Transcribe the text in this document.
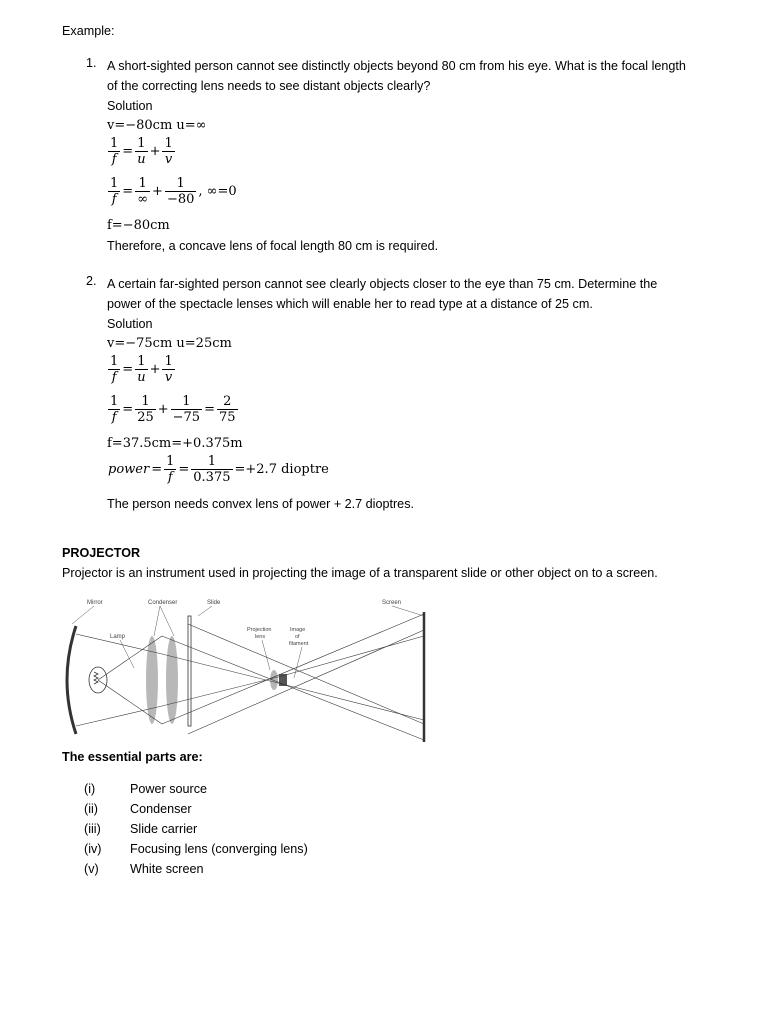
Example:
1. A short-sighted person cannot see distinctly objects beyond 80 cm from his eye. What is the focal length
of the correcting lens needs to see distant objects clearly?
Solution
v=−80cm u=∞
$\frac{1}{f} = \frac{1}{u} + \frac{1}{v}$
$\frac{1}{f} = \frac{1}{\infty} + \frac{1}{-80}$ , ∞=0
f=−80cm
Therefore, a concave lens of focal length 80 cm is required.
2. A certain far-sighted person cannot see clearly objects closer to the eye than 75 cm. Determine the
power of the spectacle lenses which will enable her to read type at a distance of 25 cm.
Solution
v=−75cm u=25cm
$\frac{1}{f} = \frac{1}{u} + \frac{1}{v}$
$\frac{1}{f} = \frac{1}{25} + \frac{1}{-75} = \frac{2}{75}$
f=37.5cm=+0.375m
power = $\frac{1}{f} = \frac{1}{0.375} =+2.7$ dioptre
The person needs convex lens of power + 2.7 dioptres.
PROJECTOR
Projector is an instrument used in projecting the image of a transparent slide or other object on to a screen.
Mirror	Condenser	Slide	Screen
Lamp
Projection
lens
Image
of
filament
The essential parts are:
(i)	Power source
(ii)	Condenser
(iii) Slide carrier
(iv) Focusing lens (converging lens)
(v) White screen
